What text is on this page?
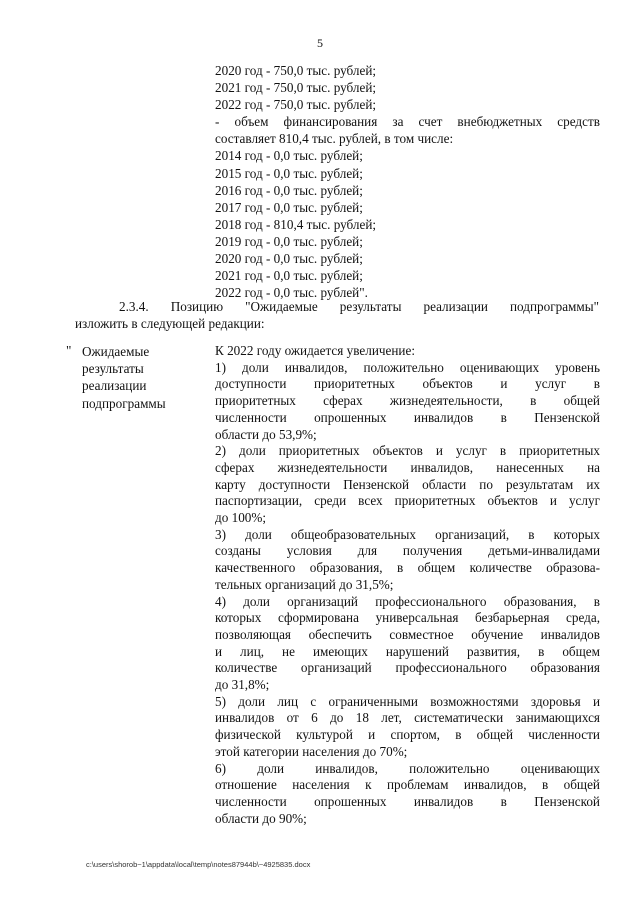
5
2020 год - 750,0 тыс. рублей;
2021 год - 750,0 тыс. рублей;
2022 год - 750,0 тыс. рублей;
- объем финансирования за счет внебюджетных средств
составляет 810,4 тыс. рублей, в том числе:
2014 год - 0,0 тыс. рублей;
2015 год - 0,0 тыс. рублей;
2016 год - 0,0 тыс. рублей;
2017 год - 0,0 тыс. рублей;
2018 год - 810,4 тыс. рублей;
2019 год - 0,0 тыс. рублей;
2020 год - 0,0 тыс. рублей;
2021 год - 0,0 тыс. рублей;
2022 год - 0,0 тыс. рублей".
2.3.4. Позицию "Ожидаемые результаты реализации подпрограммы"
изложить в следующей редакции:
" Ожидаемые
результаты
реализации
подпрограммы
К 2022 году ожидается увеличение:
1) доли инвалидов, положительно оценивающих уровень
доступности приоритетных объектов и услуг в
приоритетных сферах жизнедеятельности, в общей
численности опрошенных инвалидов в Пензенской
области до 53,9%;
2) доли приоритетных объектов и услуг в приоритетных
сферах жизнедеятельности инвалидов, нанесенных на
карту доступности Пензенской области по результатам их
паспортизации, среди всех приоритетных объектов и услуг
до 100%;
3) доли общеобразовательных организаций, в которых
созданы условия для получения детьми-инвалидами
качественного образования, в общем количестве образова-
тельных организаций до 31,5%;
4) доли организаций профессионального образования, в
которых сформирована универсальная безбарьерная среда,
позволяющая обеспечить совместное обучение инвалидов
и лиц, не имеющих нарушений развития, в общем
количестве организаций профессионального образования
до 31,8%;
5) доли лиц с ограниченными возможностями здоровья и
инвалидов от 6 до 18 лет, систематически занимающихся
физической культурой и спортом, в общей численности
этой категории населения до 70%;
6) доли инвалидов, положительно оценивающих
отношение населения к проблемам инвалидов, в общей
численности опрошенных инвалидов в Пензенской
области до 90%;
c:\users\shorob~1\appdata\local\temp\notes87944b\~4925835.docx
